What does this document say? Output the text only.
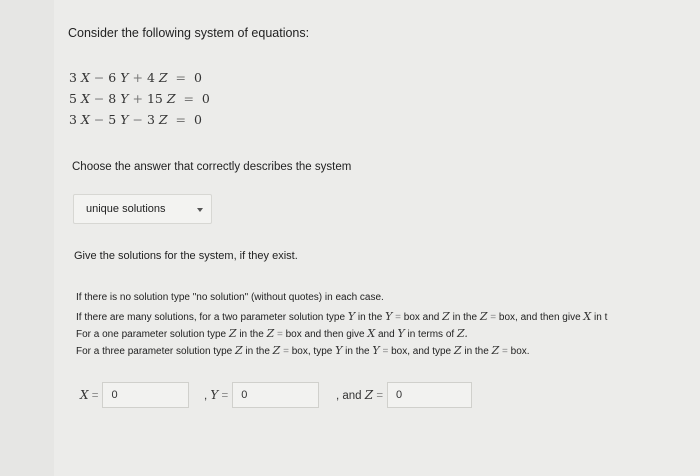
Consider the following system of equations:
3 X − 6 Y + 4 Z = 0
5 X − 8 Y + 15 Z = 0
3 X − 5 Y − 3 Z = 0
Choose the answer that correctly describes the system
unique solutions
Give the solutions for the system, if they exist.
If there is no solution type "no solution" (without quotes) in each case.
If there are many solutions, for a two parameter solution type Y in the Y = box and Z in the Z = box, and then give X in t
For a one parameter solution type Z in the Z = box and then give X and Y in terms of Z.
For a three parameter solution type Z in the Z = box, type Y in the Y = box, and type Z in the Z = box.
X =	0	, Y =	0	, and Z =	0
